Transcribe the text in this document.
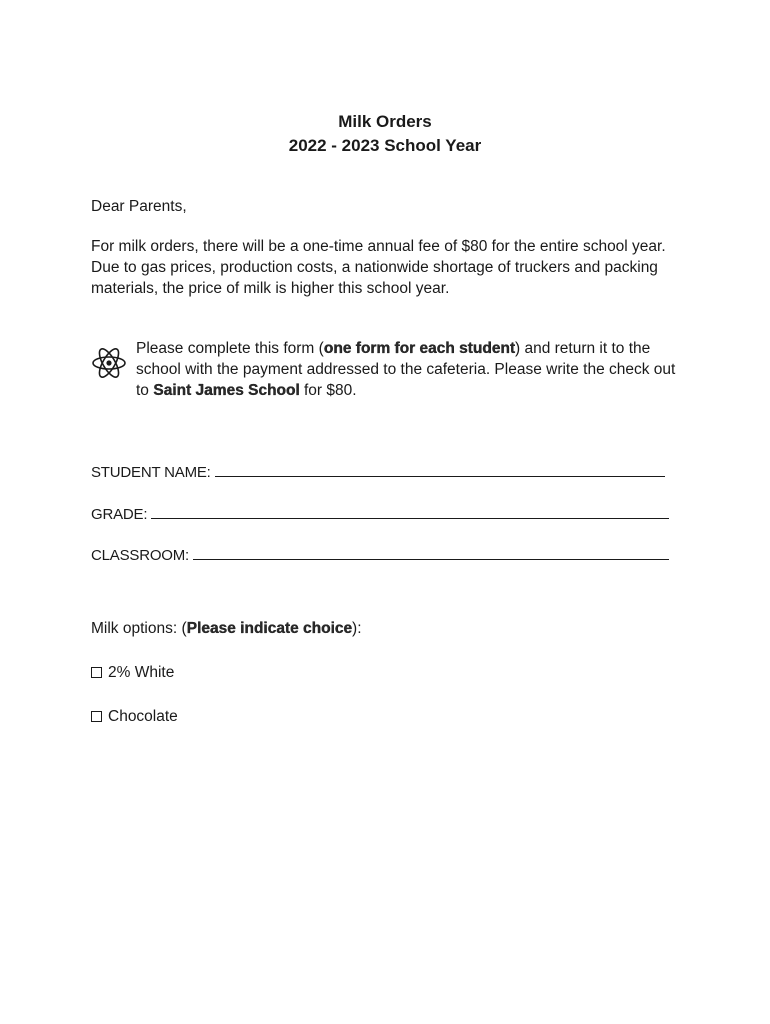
Milk Orders
2022 - 2023 School Year
Dear Parents,
For milk orders, there will be a one-time annual fee of $80 for the entire school year. Due to gas prices, production costs, a nationwide shortage of truckers and packing materials, the price of milk is higher this school year.
Please complete this form (one form for each student) and return it to the school with the payment addressed to the cafeteria. Please write the check out to Saint James School for $80.
STUDENT NAME:
GRADE:
CLASSROOM:
Milk options: (Please indicate choice):
2% White
Chocolate
